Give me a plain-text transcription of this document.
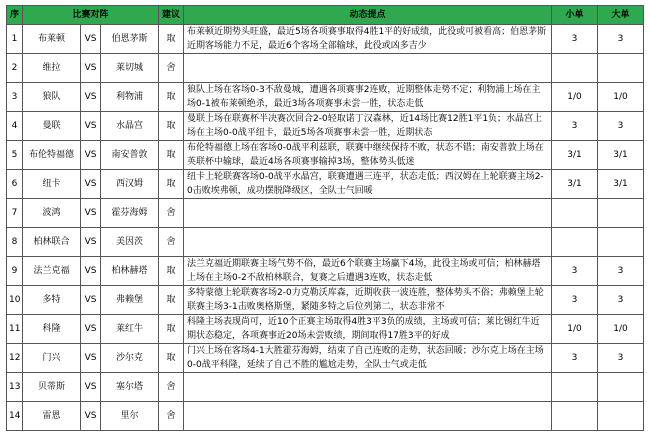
序	比赛对阵			建议	动态提点	小单	大单
1	布莱顿	VS	伯恩茅斯	取	布莱顿近期势头旺盛，最近5场各项赛事取得4胜1平的好成绩，此役或可被看高；伯恩茅斯近期客场能力不足，最近6个客场全部输球，此役或凶多吉少	3	3
2	维拉	VS	莱切城	舍	

3	狼队	VS	利物浦	取	狼队上场在客场0-3不敌曼城，遭遇各项赛事2连败，近期整体走势不定；利物浦上场在主场0-1被布莱顿绝杀，最近3场各项赛事未尝一胜，状态走低	1/0	1/0
4	曼联	VS	水晶宫	取	曼联上场在联赛杯半决赛次回合2-0轻取诺丁汉森林，近14场比赛12胜1平1负；水晶宫上场在主场0-0战平纽卡，最近5场各项赛事未尝一胜，近期状态	3	3
5	布伦特福德	VS	南安普敦	取	布伦特福德上场在客场0-0战平利兹联，联赛中继续保持不败，状态不错；南安普敦上场在英联杯中输球，最近4场各项赛事输掉3场，整体势头低迷	3/1	3/1
6	纽卡	VS	西汉姆	取	纽卡上轮联赛客场0-0战平水晶宫，联赛遭遇三连平，状态走低；西汉姆在上轮联赛主场2-0击败埃弗顿，成功摆脱降级区，全队士气回暖	3/1	3/1
7	波鸿	VS	霍芬海姆	舍	

8	柏林联合	VS	美因茨	舍	

9	法兰克福	VS	柏林赫塔	取	法兰克福近期联赛主场气势不俗，最近6个联赛主场赢下4场，此役主场或可信；柏林赫塔上场在主场0-2不敌柏林联合，复赛之后遭遇3连败，状态走低	3	3
10	多特	VS	弗赖堡	取	多特蒙德上轮联赛客场2-0力克勒沃库森，近期收获一波连胜，整体势头不俗；弗赖堡上轮联赛主场3-1击败奥格斯堡，紧随多特之后位列第二，状态非常不	3	3
11	科隆	VS	莱红牛	取	科隆主场表现尚可，近10个正赛主场取得4胜3平3负的成绩，主场或可信；莱比锡红牛近期状态稳定，各项赛事近20场未尝败绩，期间取得17胜3平的好成	1/0	1/0
12	门兴	VS	沙尔克	取	门兴上场在客场4-1大胜霍芬海姆，结束了自己连败的走势，状态回暖；沙尔克上场在主场0-0战平科隆，延续了自己不胜的尴尬走势，全队士气或走低	3	3
13	贝蒂斯	VS	塞尔塔	舍	

14	雷恩	VS	里尔	舍	
